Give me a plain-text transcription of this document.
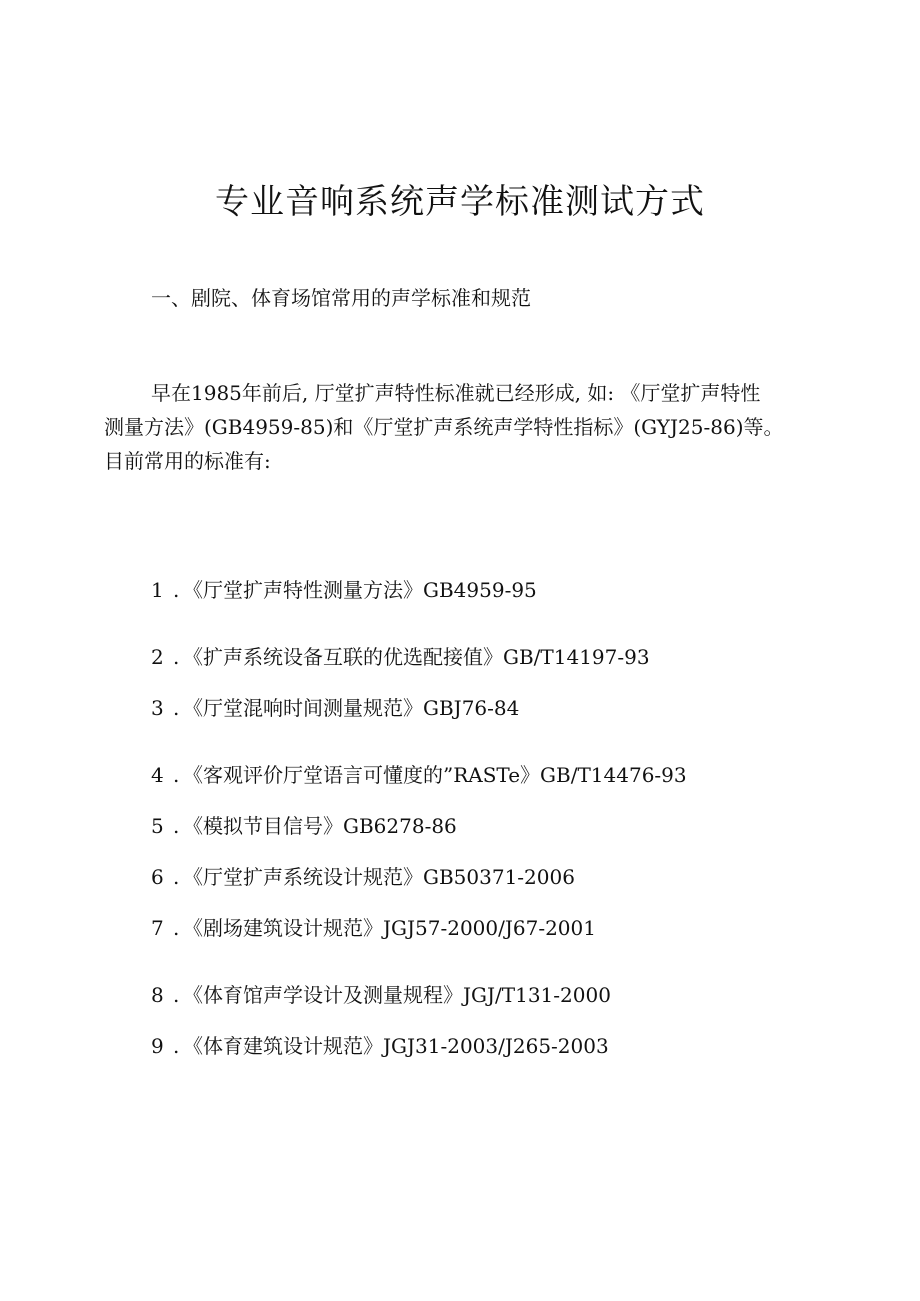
专业音响系统声学标准测试方式
一、剧院、体育场馆常用的声学标准和规范

早在1985年前后, 厅堂扩声特性标准就已经形成, 如: 《厅堂扩声特性
测量方法》(GB4959-85)和《厅堂扩声系统声学特性指标》(GYJ25-86)等。
目前常用的标准有:

1 . 《厅堂扩声特性测量方法》GB4959-95
2 . 《扩声系统设备互联的优选配接值》GB/T14197-93
3 . 《厅堂混响时间测量规范》GBJ76-84
4 . 《客观评价厅堂语言可懂度的”RASTe》GB/T14476-93
5 . 《模拟节目信号》GB6278-86
6 . 《厅堂扩声系统设计规范》GB50371-2006
7 . 《剧场建筑设计规范》JGJ57-2000/J67-2001
8 . 《体育馆声学设计及测量规程》JGJ/T131-2000
9 . 《体育建筑设计规范》JGJ31-2003/J265-2003
